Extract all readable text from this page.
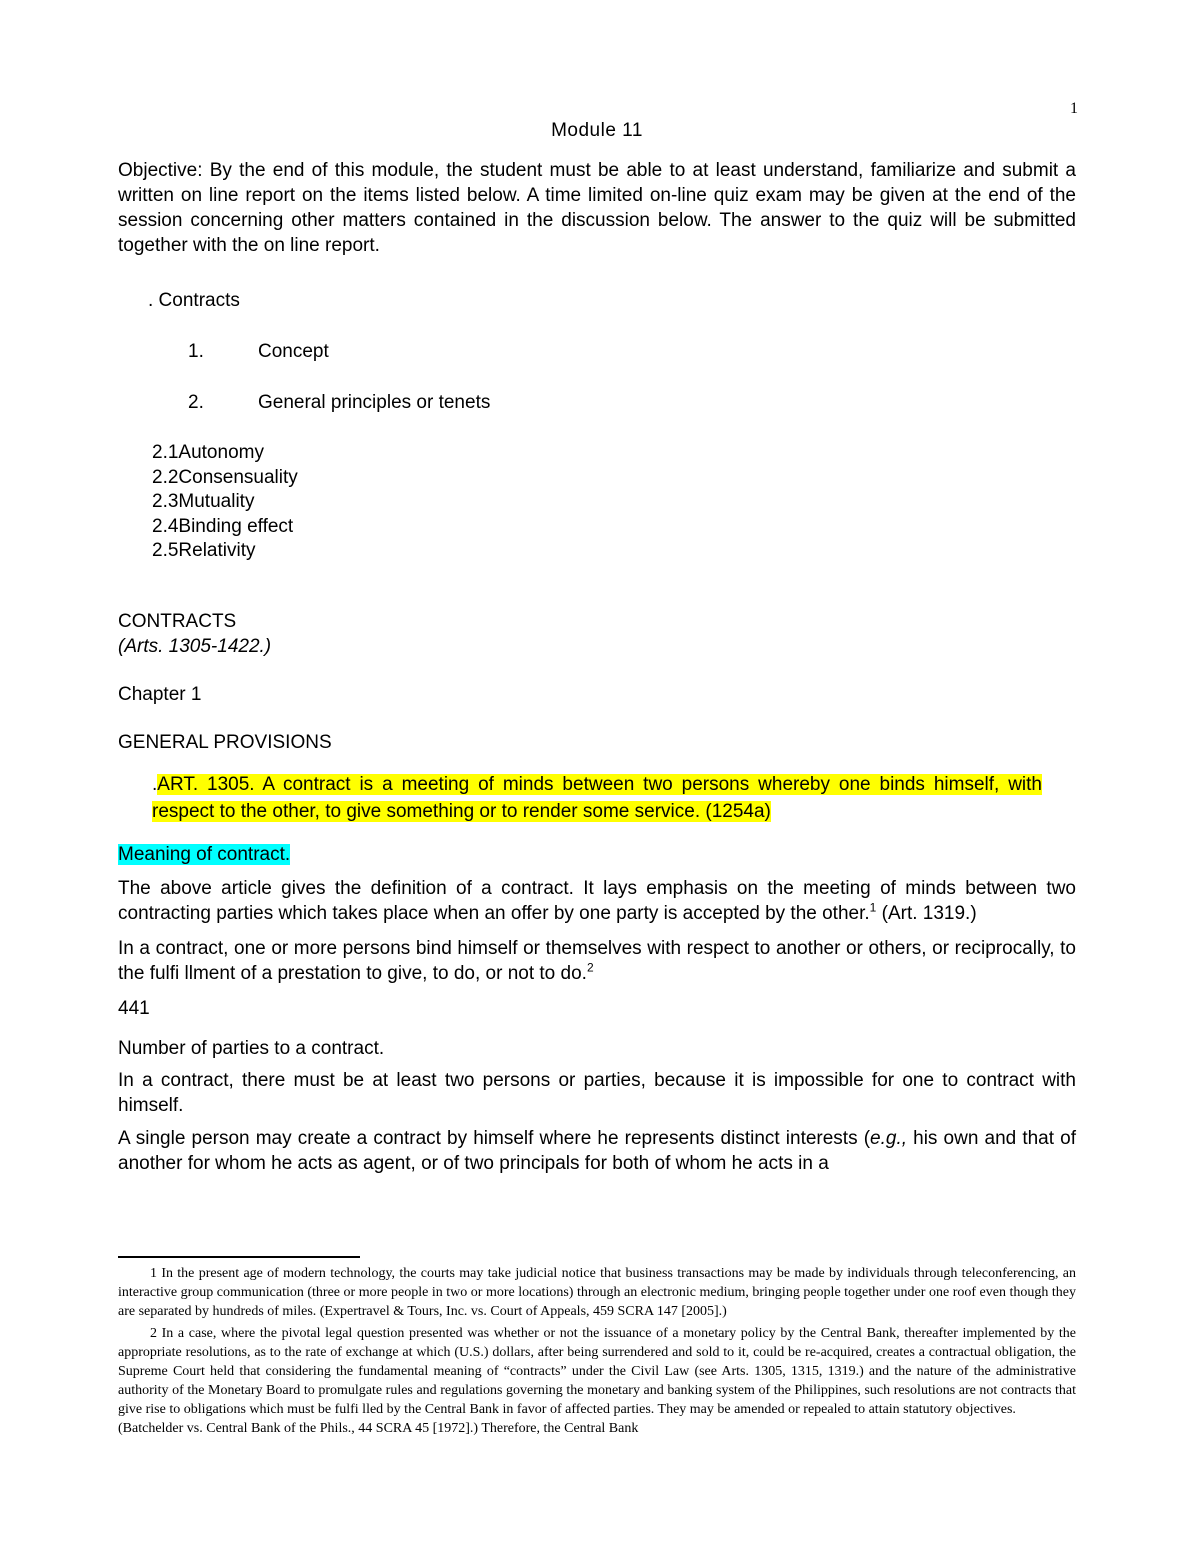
1
Module 11

Objective: By the end of this module, the student must be able to at least understand, familiarize and submit a written on line report on the items listed below. A time limited on-line quiz exam may be given at the end of the session concerning other matters contained in the discussion below. The answer to the quiz will be submitted together with the on line report.

. Contracts
1.	Concept
2.	General principles or tenets
2.1Autonomy
2.2Consensuality
2.3Mutuality
2.4Binding effect
2.5Relativity
CONTRACTS
(Arts. 1305-1422.)
Chapter 1
GENERAL PROVISIONS

.ART. 1305. A contract is a meeting of minds between two persons whereby one binds himself, with respect to the other, to give something or to render some service. (1254a)

Meaning of contract.

The above article gives the definition of a contract. It lays emphasis on the meeting of minds between two contracting parties which takes place when an offer by one party is accepted by the other.$^1$ (Art. 1319.)

In a contract, one or more persons bind himself or themselves with respect to another or others, or reciprocally, to the fulfi llment of a prestation to give, to do, or not to do.$^2$

441
Number of parties to a contract.

In a contract, there must be at least two persons or parties, because it is impossible for one to contract with himself.

A single person may create a contract by himself where he represents distinct interests (e.g., his own and that of another for whom he acts as agent, or of two principals for both of whom he acts in a

1 In the present age of modern technology, the courts may take judicial notice that business transactions may be made by individuals through teleconferencing, an interactive group communication (three or more people in two or more locations) through an electronic medium, bringing people together under one roof even though they are separated by hundreds of miles. (Expertravel & Tours, Inc. vs. Court of Appeals, 459 SCRA 147 [2005].)

2 In a case, where the pivotal legal question presented was whether or not the issuance of a monetary policy by the Central Bank, thereafter implemented by the appropriate resolutions, as to the rate of exchange at which (U.S.) dollars, after being surrendered and sold to it, could be re-acquired, creates a contractual obligation, the Supreme Court held that considering the fundamental meaning of “contracts” under the Civil Law (see Arts. 1305, 1315, 1319.) and the nature of the administrative authority of the Monetary Board to promulgate rules and regulations governing the monetary and banking system of the Philippines, such resolutions are not contracts that give rise to obligations which must be fulfi lled by the Central Bank in favor of affected parties. They may be amended or repealed to attain statutory objectives.

(Batchelder vs. Central Bank of the Phils., 44 SCRA 45 [1972].) Therefore, the Central Bank
